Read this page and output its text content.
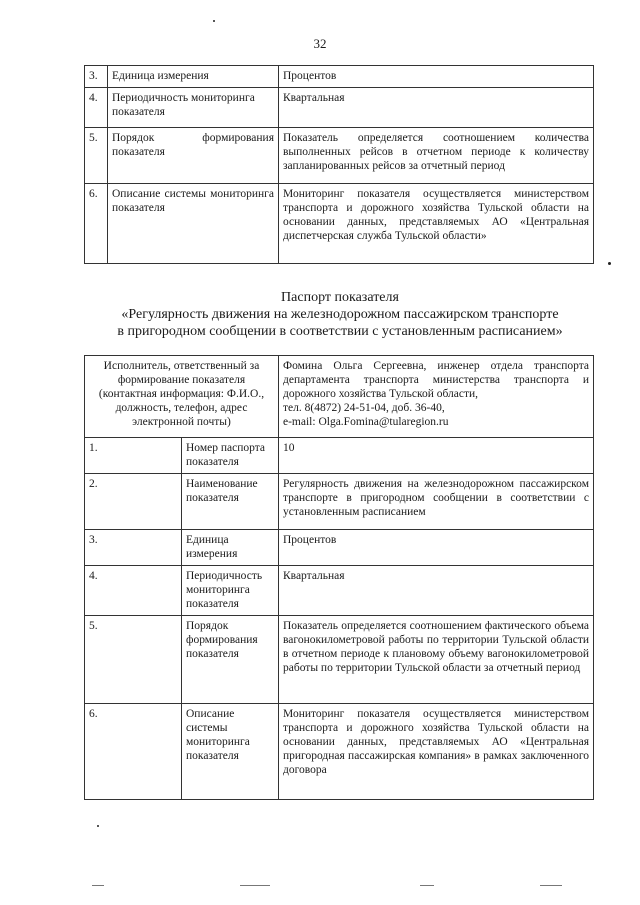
32
3.	Единица измерения	Процентов
4.	Периодичность мониторинга показателя	Квартальная
5.	Порядок формирования показателя	Показатель определяется соотношением количества выполненных рейсов в отчетном периоде к количеству запланированных рейсов за отчетный период
6.	Описание системы мониторинга показателя	Мониторинг показателя осуществляется министерством транспорта и дорожного хозяйства Тульской области на основании данных, представляемых АО «Центральная диспетчерская служба Тульской области»
Паспорт показателя
«Регулярность движения на железнодорожном пассажирском транспорте
в пригородном сообщении в соответствии с установленным расписанием»
Исполнитель, ответственный за формирование показателя (контактная информация: Ф.И.О., должность, телефон, адрес электронной почты)		Фомина Ольга Сергеевна, инженер отдела транспорта департамента транспорта министерства транспорта и дорожного хозяйства Тульской области,
тел. 8(4872) 24-51-04, доб. 36-40,
e-mail: Olga.Fomina@tularegion.ru

1.	Номер паспорта показателя	10
2.	Наименование показателя	Регулярность движения на железнодорожном пассажирском транспорте в пригородном сообщении в соответствии с установленным расписанием
3.	Единица измерения	Процентов
4.	Периодичность мониторинга показателя	Квартальная
5.	Порядок формирования показателя	Показатель определяется соотношением фактического объема вагонокилометровой работы по территории Тульской области в отчетном периоде к плановому объему вагонокилометровой работы по территории Тульской области за отчетный период
6.	Описание системы мониторинга показателя	Мониторинг показателя осуществляется министерством транспорта и дорожного хозяйства Тульской области на основании данных, представляемых АО «Центральная пригородная пассажирская компания» в рамках заключенного договора
